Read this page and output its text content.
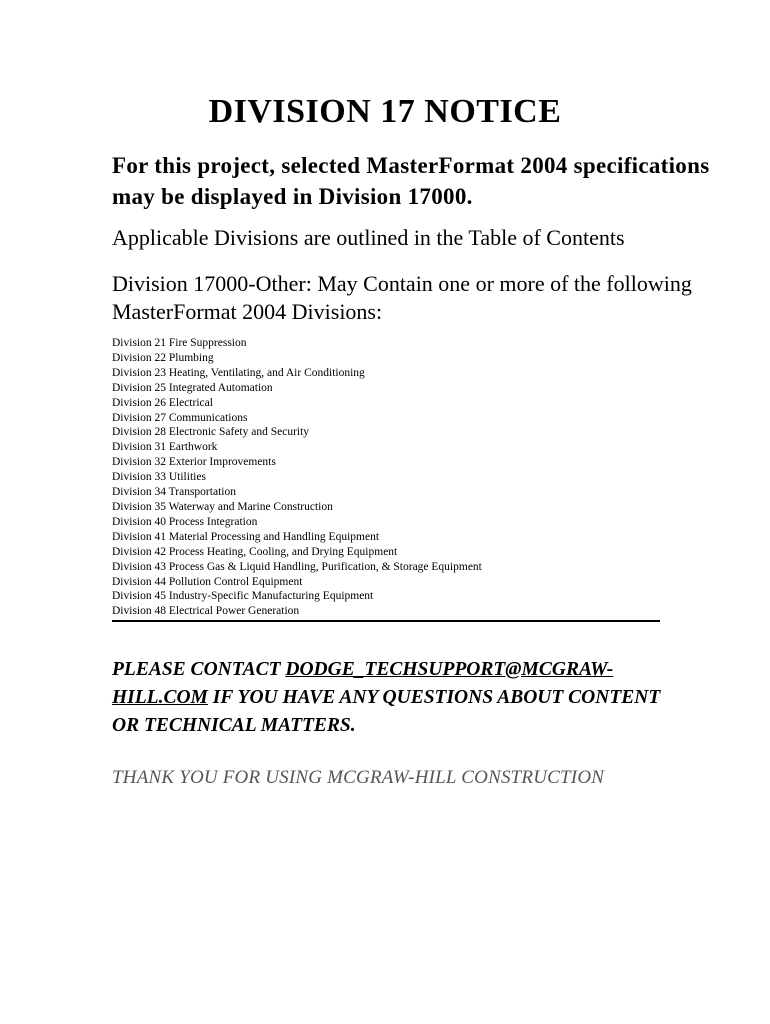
DIVISION 17 NOTICE
For this project, selected MasterFormat 2004 specifications may be displayed in Division 17000.
Applicable Divisions are outlined in the Table of Contents
Division 17000-Other: May Contain one or more of the following MasterFormat 2004 Divisions:
Division 21 Fire Suppression
Division 22 Plumbing
Division 23 Heating, Ventilating, and Air Conditioning
Division 25 Integrated Automation
Division 26 Electrical
Division 27 Communications
Division 28 Electronic Safety and Security
Division 31 Earthwork
Division 32 Exterior Improvements
Division 33 Utilities
Division 34 Transportation
Division 35 Waterway and Marine Construction
Division 40 Process Integration
Division 41 Material Processing and Handling Equipment
Division 42 Process Heating, Cooling, and Drying Equipment
Division 43 Process Gas & Liquid Handling, Purification, & Storage Equipment
Division 44 Pollution Control Equipment
Division 45 Industry-Specific Manufacturing Equipment
Division 48 Electrical Power Generation
PLEASE CONTACT DODGE_TECHSUPPORT@MCGRAW-HILL.COM IF YOU HAVE ANY QUESTIONS ABOUT CONTENT OR TECHNICAL MATTERS.
THANK YOU FOR USING MCGRAW-HILL CONSTRUCTION
